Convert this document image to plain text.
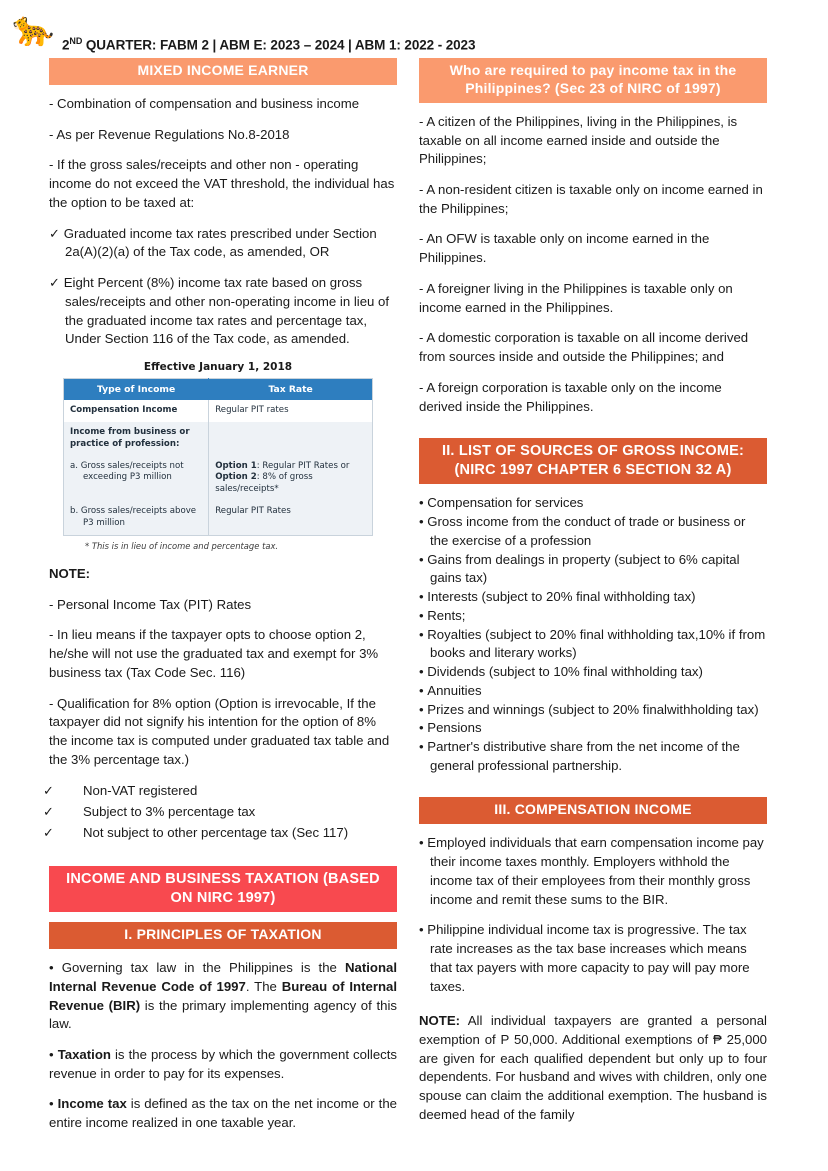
🐆 2ND QUARTER: FABM 2 | ABM E: 2023 – 2024 | ABM 1: 2022 - 2023
MIXED INCOME EARNER

- Combination of compensation and business income

- As per Revenue Regulations No.8-2018

- If the gross sales/receipts and other non - operating income do not exceed the VAT threshold, the individual has the option to be taxed at:

✓ Graduated income tax rates prescribed under Section 2a(A)(2)(a) of the Tax code, as amended, OR

✓ Eight Percent (8%) income tax rate based on gross sales/receipts and other non-operating income in lieu of the graduated income tax rates and percentage tax, Under Section 116 of the Tax code, as amended.

Effective January 1, 2018
Type of Income	Tax Rate
Compensation Income	Regular PIT rates
Income from business or practice of profession:	

a. Gross sales/receipts not exceeding P3 million	Option 1: Regular PIT Rates or
Option 2: 8% of gross sales/receipts*

b. Gross sales/receipts above P3 million	Regular PIT Rates
* This is in lieu of income and percentage tax.

NOTE:

- Personal Income Tax (PIT) Rates

- In lieu means if the taxpayer opts to choose option 2, he/she will not use the graduated tax and exempt for 3% business tax (Tax Code Sec. 116)

- Qualification for 8% option (Option is irrevocable, If the taxpayer did not signify his intention for the option of 8% the income tax is computed under graduated tax table and the 3% percentage tax.)

✓ Non-VAT registered
✓ Subject to 3% percentage tax
✓ Not subject to other percentage tax (Sec 117)
INCOME AND BUSINESS TAXATION (BASED ON NIRC 1997)
I. PRINCIPLES OF TAXATION

• Governing tax law in the Philippines is the National Internal Revenue Code of 1997. The Bureau of Internal Revenue (BIR) is the primary implementing agency of this law.

• Taxation is the process by which the government collects revenue in order to pay for its expenses.

• Income tax is defined as the tax on the net income or the entire income realized in one taxable year.

Who are required to pay income tax in the Philippines? (Sec 23 of NIRC of 1997)

- A citizen of the Philippines, living in the Philippines, is taxable on all income earned inside and outside the Philippines;

- A non-resident citizen is taxable only on income earned in the Philippines;

- An OFW is taxable only on income earned in the Philippines.

- A foreigner living in the Philippines is taxable only on income earned in the Philippines.

- A domestic corporation is taxable on all income derived from sources inside and outside the Philippines; and

- A foreign corporation is taxable only on the income derived inside the Philippines.

II. LIST OF SOURCES OF GROSS INCOME: (NIRC 1997 CHAPTER 6 SECTION 32 A)
• Compensation for services
• Gross income from the conduct of trade or business or the exercise of a profession
• Gains from dealings in property (subject to 6% capital gains tax)
• Interests (subject to 20% final withholding tax)
• Rents;
• Royalties (subject to 20% final withholding tax,10% if from books and literary works)
• Dividends (subject to 10% final withholding tax)
• Annuities
• Prizes and winnings (subject to 20% finalwithholding tax)
• Pensions
• Partner's distributive share from the net income of the general professional partnership.
III. COMPENSATION INCOME
• Employed individuals that earn compensation income pay their income taxes monthly. Employers withhold the income tax of their employees from their monthly gross income and remit these sums to the BIR.
• Philippine individual income tax is progressive. The tax rate increases as the tax base increases which means that tax payers with more capacity to pay will pay more taxes.

NOTE: All individual taxpayers are granted a personal exemption of P 50,000. Additional exemptions of ₱ 25,000 are given for each qualified dependent but only up to four dependents. For husband and wives with children, only one spouse can claim the additional exemption. The husband is deemed head of the family
